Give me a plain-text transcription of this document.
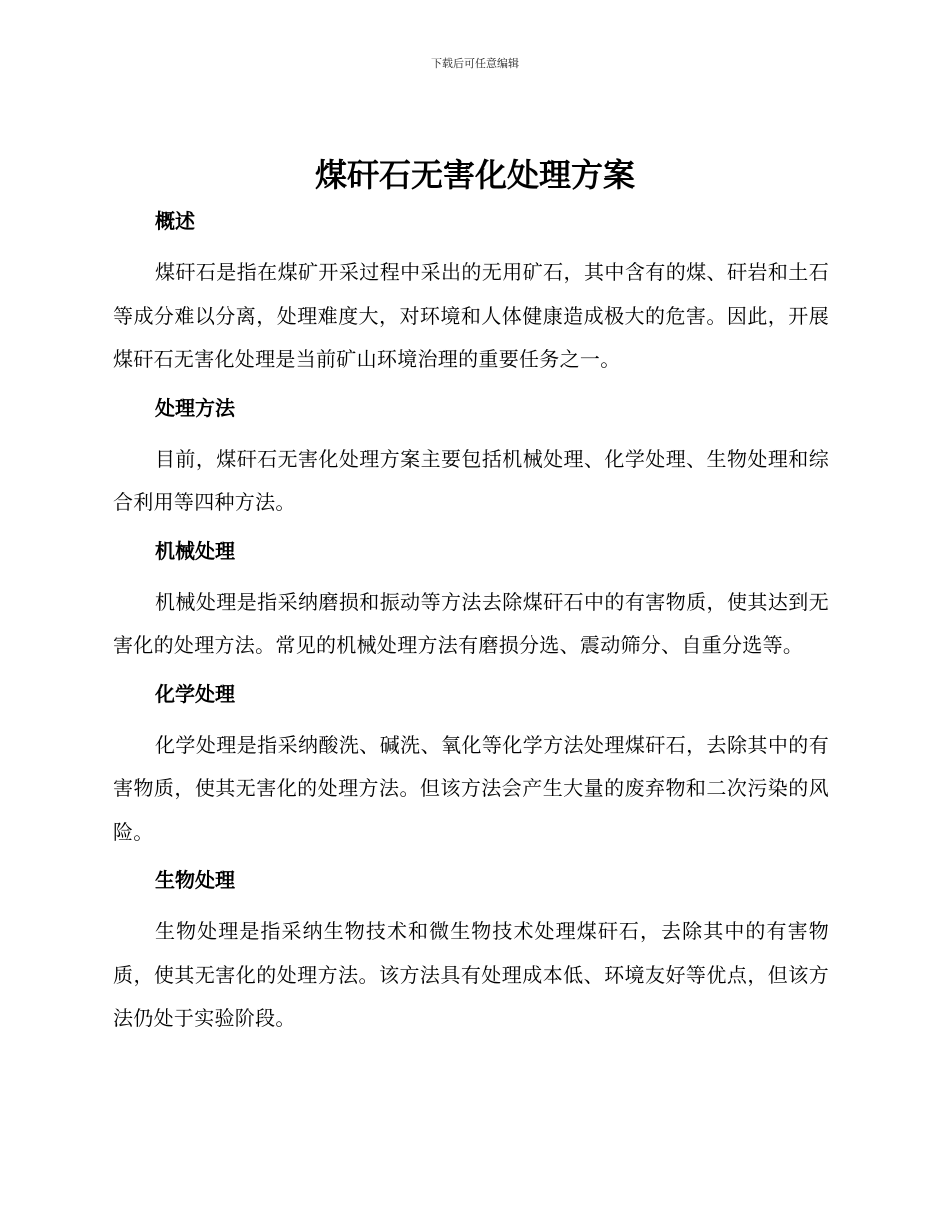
下载后可任意编辑
煤矸石无害化处理方案
概述

煤矸石是指在煤矿开采过程中采出的无用矿石，其中含有的煤、矸岩和土石等成分难以分离，处理难度大，对环境和人体健康造成极大的危害。因此，开展煤矸石无害化处理是当前矿山环境治理的重要任务之一。

处理方法

目前，煤矸石无害化处理方案主要包括机械处理、化学处理、生物处理和综合利用等四种方法。

机械处理

机械处理是指采纳磨损和振动等方法去除煤矸石中的有害物质，使其达到无害化的处理方法。常见的机械处理方法有磨损分选、震动筛分、自重分选等。

化学处理

化学处理是指采纳酸洗、碱洗、氧化等化学方法处理煤矸石，去除其中的有害物质，使其无害化的处理方法。但该方法会产生大量的废弃物和二次污染的风险。

生物处理

生物处理是指采纳生物技术和微生物技术处理煤矸石，去除其中的有害物质，使其无害化的处理方法。该方法具有处理成本低、环境友好等优点，但该方法仍处于实验阶段。
